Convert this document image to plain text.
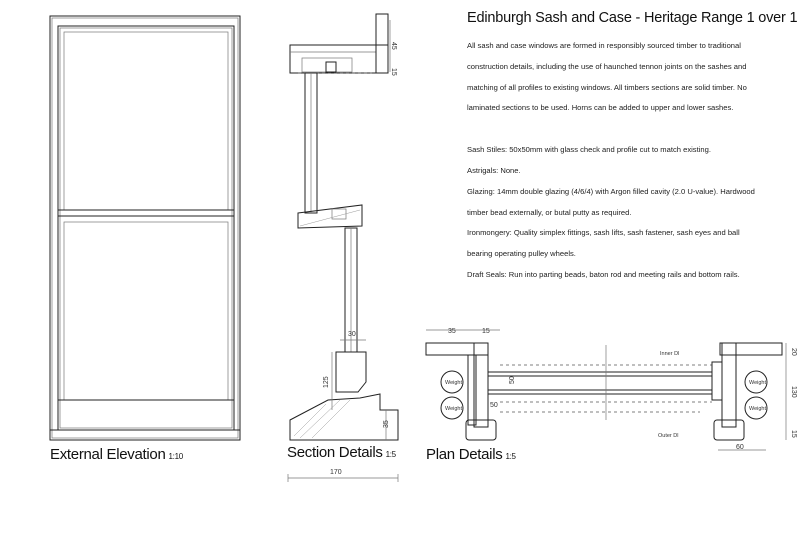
45
15
30
125
35
170
35	15
Weight
Weight
50
50
Inner Dl
Outer Dl
Weight
Weight
20
130
15
60
External Elevation 1:10	Section Details 1:5 Plan Details 1:5
Edinburgh Sash and Case - Heritage Range 1 over 1

All sash and case windows are formed in responsibly sourced timber to traditional

construction details, including the use of haunched tennon joints on the sashes and

matching of all profiles to existing windows. All timbers sections are solid timber. No

laminated sections to be used. Horns can be added to upper and lower sashes.

Sash Stiles: 50x50mm with glass check and profile cut to match existing.

Astrigals: None.

Glazing: 14mm double glazing (4/6/4) with Argon filled cavity (2.0 U-value). Hardwood

timber bead externally, or butal putty as required.

Ironmongery: Quality simplex fittings, sash lifts, sash fastener, sash eyes and ball

bearing operating pulley wheels.

Draft Seals: Run into parting beads, baton rod and meeting rails and bottom rails.
